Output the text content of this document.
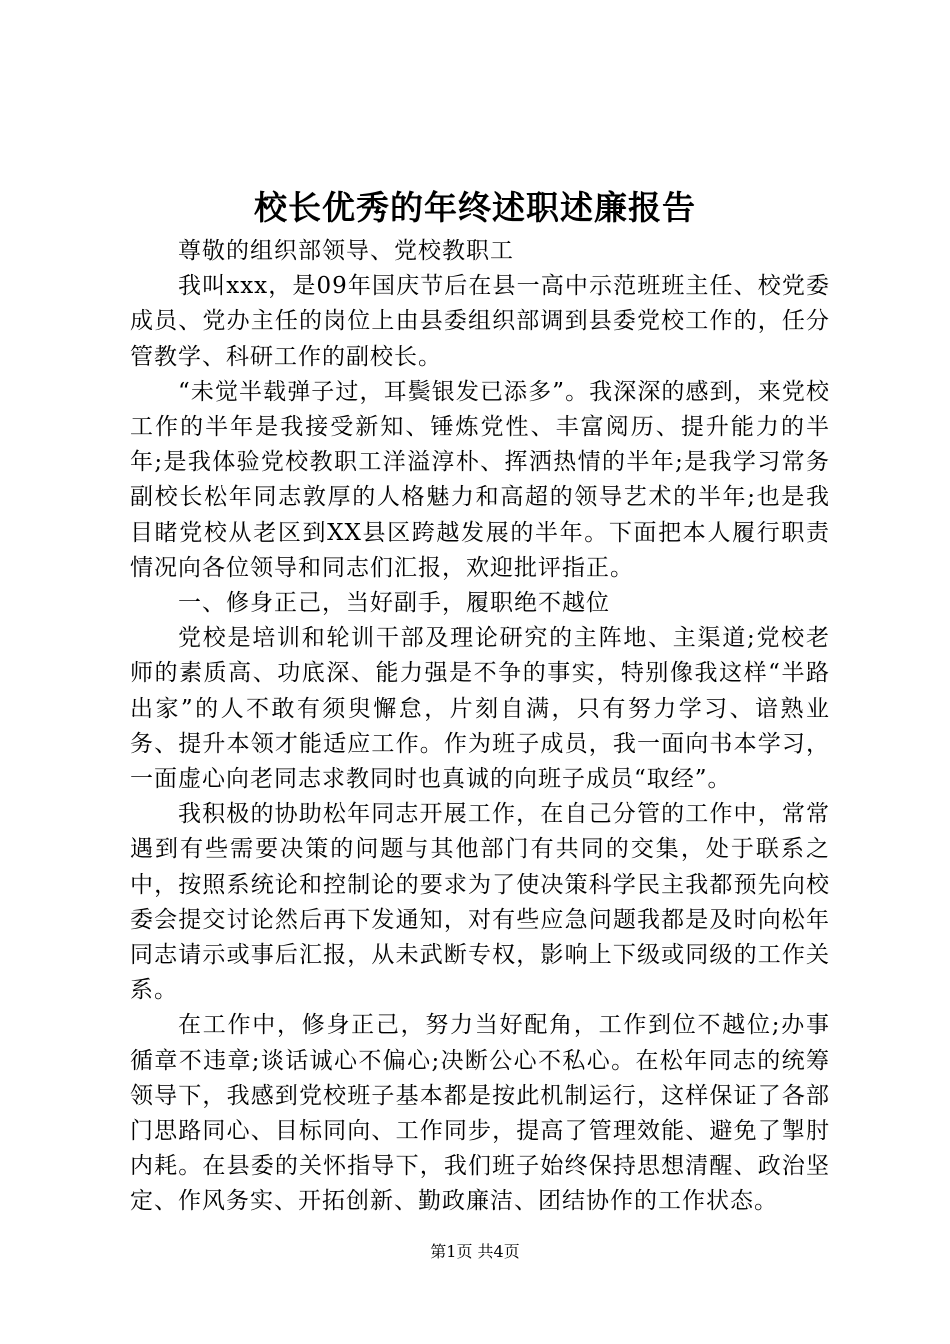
校长优秀的年终述职述廉报告

尊敬的组织部领导、党校教职工

我叫xxx，是09年国庆节后在县一高中示范班班主任、校党委成员、党办主任的岗位上由县委组织部调到县委党校工作的，任分管教学、科研工作的副校长。

“未觉半载弹子过，耳鬓银发已添多”。我深深的感到，来党校工作的半年是我接受新知、锤炼党性、丰富阅历、提升能力的半年;是我体验党校教职工洋溢淳朴、挥洒热情的半年;是我学习常务副校长松年同志敦厚的人格魅力和高超的领导艺术的半年;也是我目睹党校从老区到XX县区跨越发展的半年。下面把本人履行职责情况向各位领导和同志们汇报，欢迎批评指正。

一、修身正己，当好副手，履职绝不越位

党校是培训和轮训干部及理论研究的主阵地、主渠道;党校老师的素质高、功底深、能力强是不争的事实，特别像我这样“半路出家”的人不敢有须臾懈怠，片刻自满，只有努力学习、谙熟业务、提升本领才能适应工作。作为班子成员，我一面向书本学习，一面虚心向老同志求教同时也真诚的向班子成员“取经”。

我积极的协助松年同志开展工作，在自己分管的工作中，常常遇到有些需要决策的问题与其他部门有共同的交集，处于联系之中，按照系统论和控制论的要求为了使决策科学民主我都预先向校委会提交讨论然后再下发通知，对有些应急问题我都是及时向松年同志请示或事后汇报，从未武断专权，影响上下级或同级的工作关系。

在工作中，修身正己，努力当好配角，工作到位不越位;办事循章不违章;谈话诚心不偏心;决断公心不私心。在松年同志的统筹领导下，我感到党校班子基本都是按此机制运行，这样保证了各部门思路同心、目标同向、工作同步，提高了管理效能、避免了掣肘内耗。在县委的关怀指导下，我们班子始终保持思想清醒、政治坚定、作风务实、开拓创新、勤政廉洁、团结协作的工作状态。

第1页 共4页
